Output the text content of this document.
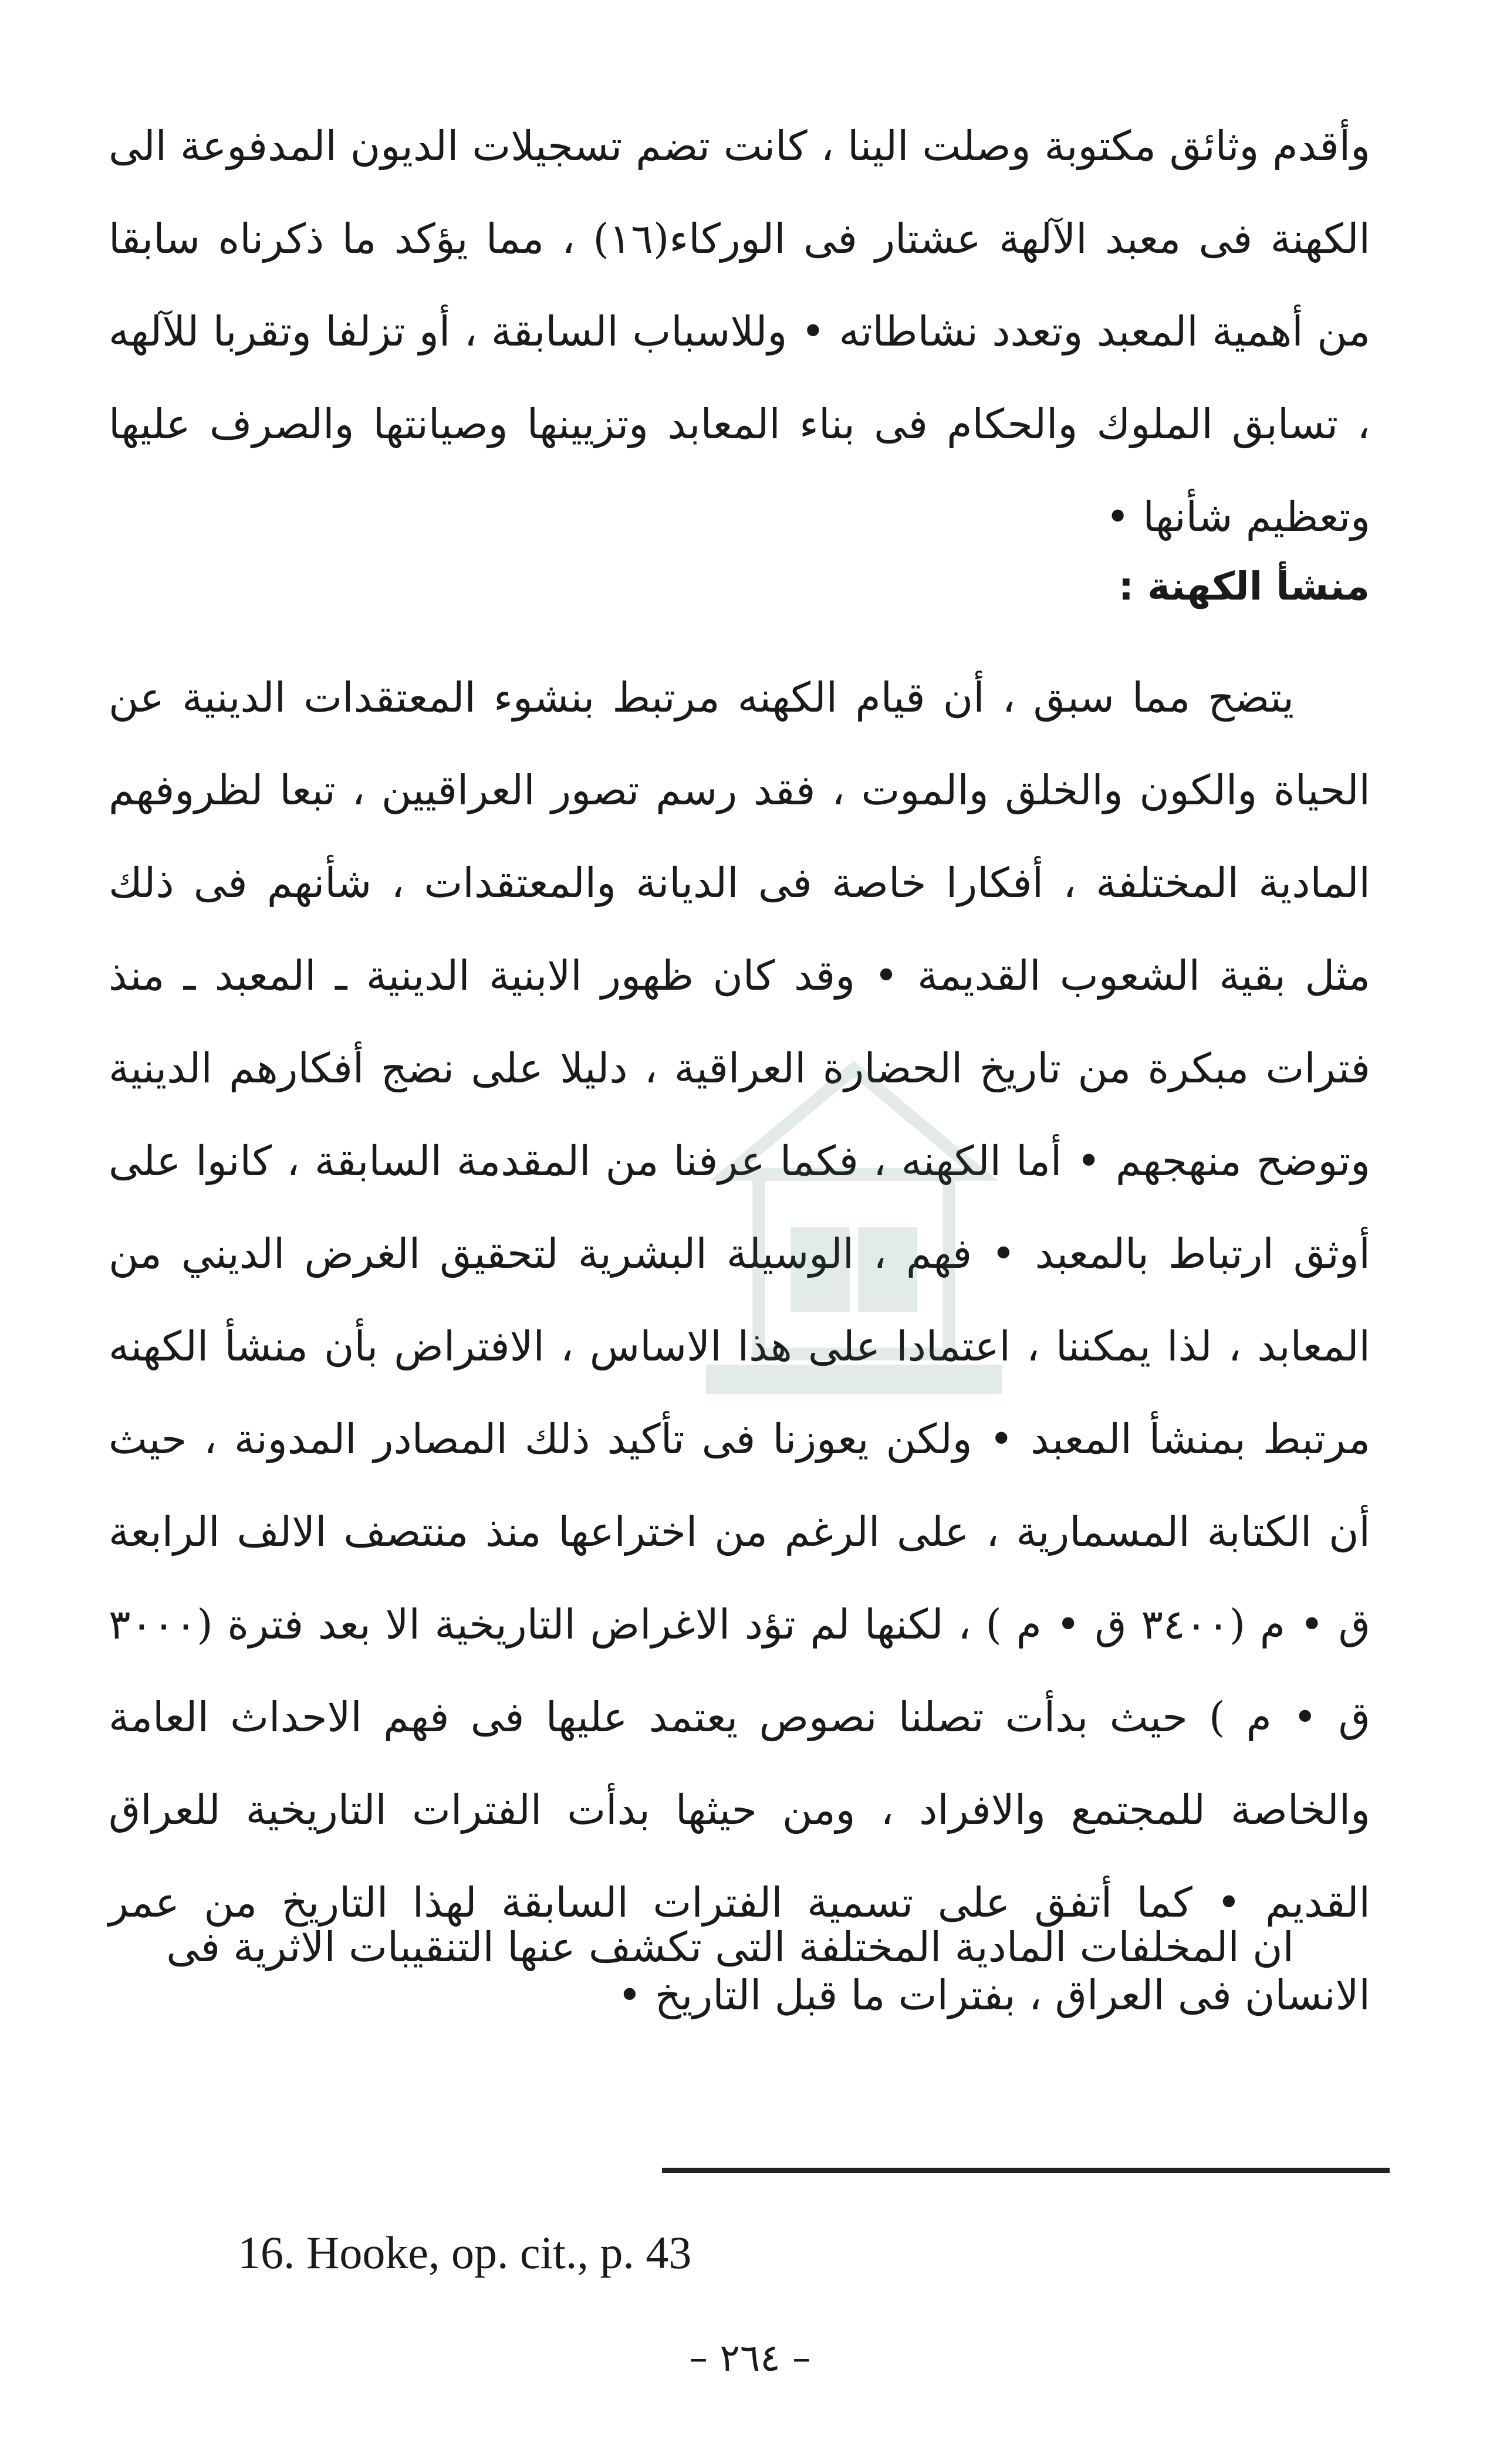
وأقدم وثائق مكتوبة وصلت الينا ، كانت تضم تسجيلات الديون المدفوعة الى الكهنة فى معبد الآلهة عشتار فى الوركاء(١٦) ، مما يؤكد ما ذكرناه سابقا من أهمية المعبد وتعدد نشاطاته • وللاسباب السابقة ، أو تزلفا وتقربا للآلهه ، تسابق الملوك والحكام فى بناء المعابد وتزيينها وصيانتها والصرف عليها وتعظيم شأنها •

منشأ الكهنة :

يتضح مما سبق ، أن قيام الكهنه مرتبط بنشوء المعتقدات الدينية عن الحياة والكون والخلق والموت ، فقد رسم تصور العراقيين ، تبعا لظروفهم المادية المختلفة ، أفكارا خاصة فى الديانة والمعتقدات ، شأنهم فى ذلك مثل بقية الشعوب القديمة • وقد كان ظهور الابنية الدينية ـ المعبد ـ منذ فترات مبكرة من تاريخ الحضارة العراقية ، دليلا على نضج أفكارهم الدينية وتوضح منهجهم • أما الكهنه ، فكما عرفنا من المقدمة السابقة ، كانوا على أوثق ارتباط بالمعبد • فهم ، الوسيلة البشرية لتحقيق الغرض الديني من المعابد ، لذا يمكننا ، اعتمادا على هذا الاساس ، الافتراض بأن منشأ الكهنه مرتبط بمنشأ المعبد • ولكن يعوزنا فى تأكيد ذلك المصادر المدونة ، حيث أن الكتابة المسمارية ، على الرغم من اختراعها منذ منتصف الالف الرابعة ق • م (٣٤٠٠ ق • م ) ، لكنها لم تؤد الاغراض التاريخية الا بعد فترة (٣٠٠٠ ق • م ) حيث بدأت تصلنا نصوص يعتمد عليها فى فهم الاحداث العامة والخاصة للمجتمع والافراد ، ومن حيثها بدأت الفترات التاريخية للعراق القديم • كما أتفق على تسمية الفترات السابقة لهذا التاريخ من عمر الانسان فى العراق ، بفترات ما قبل التاريخ •

ان المخلفات المادية المختلفة التى تكشف عنها التنقيبات الاثرية فى

16. Hooke, op. cit., p. 43
– ٢٦٤ –
